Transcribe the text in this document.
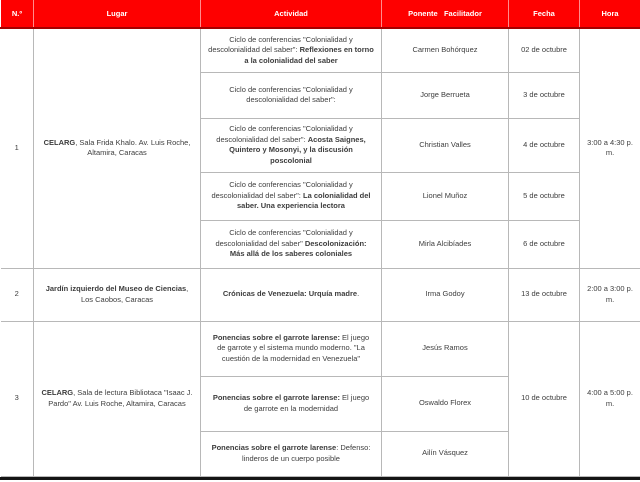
N.º	Lugar	Actividad	Ponente   Facilitador	Fecha	Hora
1	CELARG, Sala Frida Khalo. Av. Luis Roche, Altamira, Caracas	Ciclo de conferencias "Colonialidad y descolonialidad del saber": Reflexiones en torno a la colonialidad del saber	Carmen Bohórquez	02 de octubre	3:00 a 4:30 p. m.
		Ciclo de conferencias "Colonialidad y descolonialidad del saber":	Jorge Berrueta	3 de octubre	
		Ciclo de conferencias "Colonialidad y descolonialidad del saber": Acosta Saignes, Quintero y Mosonyi, y la discusión poscolonial	Christian Valles	4 de octubre	
		Ciclo de conferencias "Colonialidad y descolonialidad del saber": La colonialidad del saber. Una experiencia lectora	Lionel Muñoz	5 de octubre	
		Ciclo de conferencias "Colonialidad y descolonialidad del saber" Descolonización: Más allá de los saberes coloniales	Mirla Alcibíades	6 de octubre	
2	Jardín izquierdo del Museo de Ciencias, Los Caobos, Caracas	Crónicas de Venezuela: Urquía madre.	Irma Godoy	13 de octubre	2:00 a 3:00 p. m.
3	CELARG, Sala de lectura Bibliotaca "Isaac J. Pardo" Av. Luis Roche, Altamira, Caracas	Ponencias sobre el garrote larense: El juego de garrote y el sistema mundo moderno. "La cuestión de la modernidad en Venezuela"	Jesús Ramos	10 de octubre	4:00 a 5:00 p. m.
		Ponencias sobre el garrote larense: El juego de garrote en la modernidad	Oswaldo Florex		
		Ponencias sobre el garrote larense: Defenso: linderos de un cuerpo posible	Ailín Vásquez		
